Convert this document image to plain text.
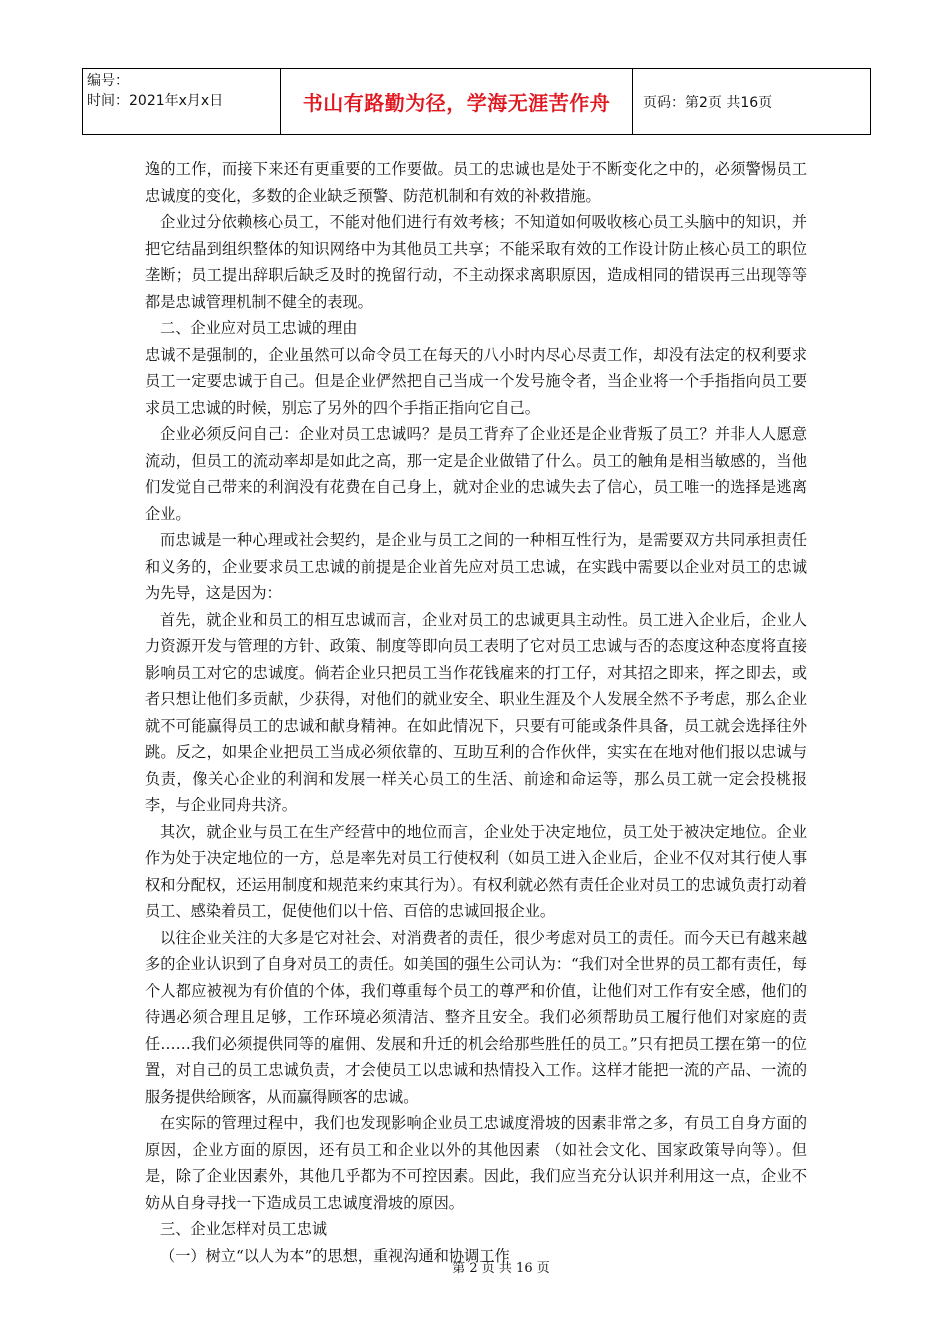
编号：
时间：2021年x月x日	书山有路勤为径，学海无涯苦作舟	页码：第2页 共16页

逸的工作，而接下来还有更重要的工作要做。员工的忠诚也是处于不断变化之中的，必须警惕员工忠诚度的变化，多数的企业缺乏预警、防范机制和有效的补救措施。

企业过分依赖核心员工，不能对他们进行有效考核；不知道如何吸收核心员工头脑中的知识，并把它结晶到组织整体的知识网络中为其他员工共享；不能采取有效的工作设计防止核心员工的职位垄断；员工提出辞职后缺乏及时的挽留行动，不主动探求离职原因，造成相同的错误再三出现等等都是忠诚管理机制不健全的表现。

二、企业应对员工忠诚的理由

忠诚不是强制的，企业虽然可以命令员工在每天的八小时内尽心尽责工作，却没有法定的权利要求员工一定要忠诚于自己。但是企业俨然把自己当成一个发号施令者，当企业将一个手指指向员工要求员工忠诚的时候，别忘了另外的四个手指正指向它自己。

企业必须反问自己：企业对员工忠诚吗？是员工背弃了企业还是企业背叛了员工？并非人人愿意流动，但员工的流动率却是如此之高，那一定是企业做错了什么。员工的触角是相当敏感的，当他们发觉自己带来的利润没有花费在自己身上，就对企业的忠诚失去了信心，员工唯一的选择是逃离企业。

而忠诚是一种心理或社会契约，是企业与员工之间的一种相互性行为，是需要双方共同承担责任和义务的，企业要求员工忠诚的前提是企业首先应对员工忠诚，在实践中需要以企业对员工的忠诚为先导，这是因为：

首先，就企业和员工的相互忠诚而言，企业对员工的忠诚更具主动性。员工进入企业后，企业人力资源开发与管理的方针、政策、制度等即向员工表明了它对员工忠诚与否的态度这种态度将直接影响员工对它的忠诚度。倘若企业只把员工当作花钱雇来的打工仔，对其招之即来，挥之即去，或者只想让他们多贡献，少获得，对他们的就业安全、职业生涯及个人发展全然不予考虑，那么企业就不可能赢得员工的忠诚和献身精神。在如此情况下，只要有可能或条件具备，员工就会选择往外跳。反之，如果企业把员工当成必须依靠的、互助互利的合作伙伴，实实在在地对他们报以忠诚与负责，像关心企业的利润和发展一样关心员工的生活、前途和命运等，那么员工就一定会投桃报李，与企业同舟共济。

其次，就企业与员工在生产经营中的地位而言，企业处于决定地位，员工处于被决定地位。企业作为处于决定地位的一方，总是率先对员工行使权利（如员工进入企业后，企业不仅对其行使人事权和分配权，还运用制度和规范来约束其行为）。有权利就必然有责任企业对员工的忠诚负责打动着员工、感染着员工，促使他们以十倍、百倍的忠诚回报企业。

以往企业关注的大多是它对社会、对消费者的责任，很少考虑对员工的责任。而今天已有越来越多的企业认识到了自身对员工的责任。如美国的强生公司认为：“我们对全世界的员工都有责任，每个人都应被视为有价值的个体，我们尊重每个员工的尊严和价值，让他们对工作有安全感，他们的待遇必须合理且足够，工作环境必须清洁、整齐且安全。我们必须帮助员工履行他们对家庭的责任……我们必须提供同等的雇佣、发展和升迁的机会给那些胜任的员工。”只有把员工摆在第一的位置，对自己的员工忠诚负责，才会使员工以忠诚和热情投入工作。这样才能把一流的产品、一流的服务提供给顾客，从而赢得顾客的忠诚。

在实际的管理过程中，我们也发现影响企业员工忠诚度滑坡的因素非常之多，有员工自身方面的原因，企业方面的原因，还有员工和企业以外的其他因素 （如社会文化、国家政策导向等）。但是，除了企业因素外，其他几乎都为不可控因素。因此，我们应当充分认识并利用这一点，企业不妨从自身寻找一下造成员工忠诚度滑坡的原因。

三、企业怎样对员工忠诚

（一）树立“以人为本”的思想，重视沟通和协调工作

第 2 页 共 16 页
